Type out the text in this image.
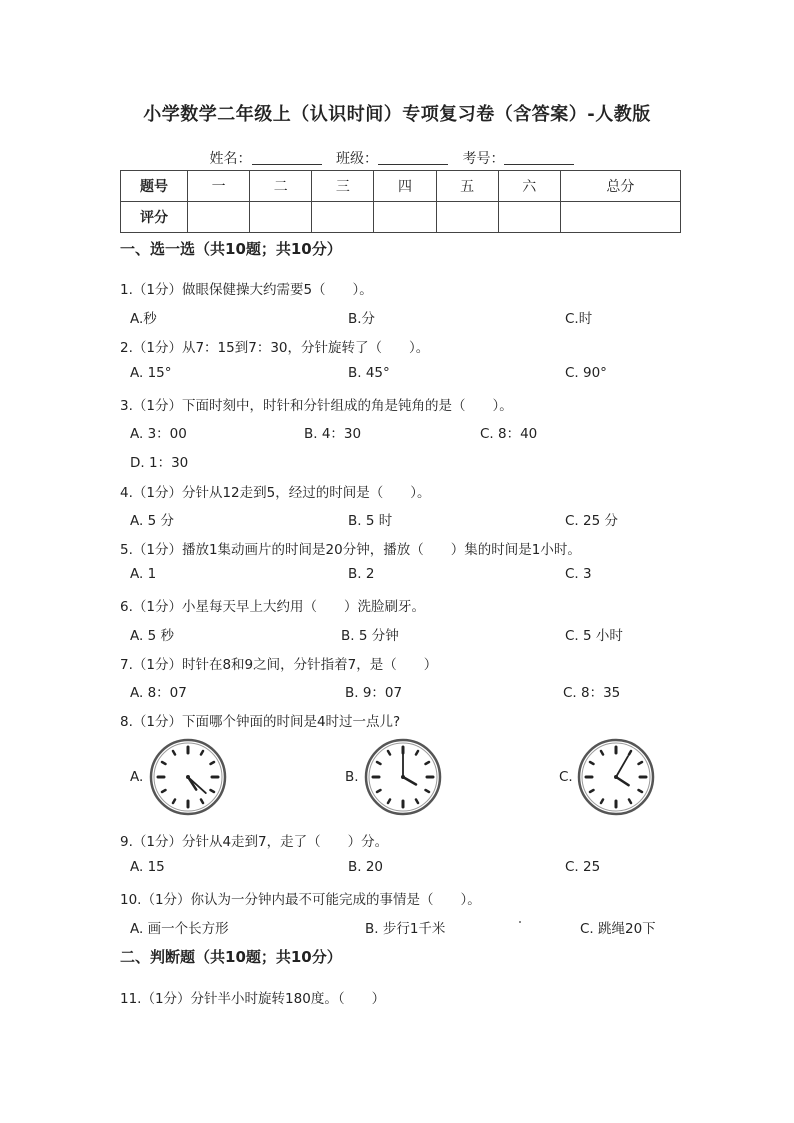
小学数学二年级上（认识时间）专项复习卷（含答案）-人教版
姓名：	班级：	考号：
题号	一	二	三	四	五	六	总分
评分							
一、选一选（共10题；共10分）
1.（1分）做眼保健操大约需要5（　　）。
A.秒	B.分	C.时
2.（1分）从7：15到7：30，分针旋转了（　　）。
A. 15°	B. 45°	C. 90°
3.（1分）下面时刻中，时针和分针组成的角是钝角的是（　　）。
A. 3：00	B. 4：30	C. 8：40
D. 1：30
4.（1分）分针从12走到5，经过的时间是（　　）。
A. 5 分	B. 5 时	C. 25 分
5.（1分）播放1集动画片的时间是20分钟，播放（　　）集的时间是1小时。
A. 1	B. 2	C. 3
6.（1分）小星每天早上大约用（　　）洗脸刷牙。
A. 5 秒	B. 5 分钟	C. 5 小时
7.（1分）时针在8和9之间，分针指着7，是（　　）
A. 8：07	B. 9：07	C. 8：35
8.（1分）下面哪个钟面的时间是4时过一点儿?
A.	B.	C.
9.（1分）分针从4走到7，走了（　　）分。
A. 15	B. 20	C. 25
10.（1分）你认为一分钟内最不可能完成的事情是（　　）。
A. 画一个长方形	B. 步行1千米	C. 跳绳20下
二、判断题（共10题；共10分）
11.（1分）分针半小时旋转180度。（　　）
